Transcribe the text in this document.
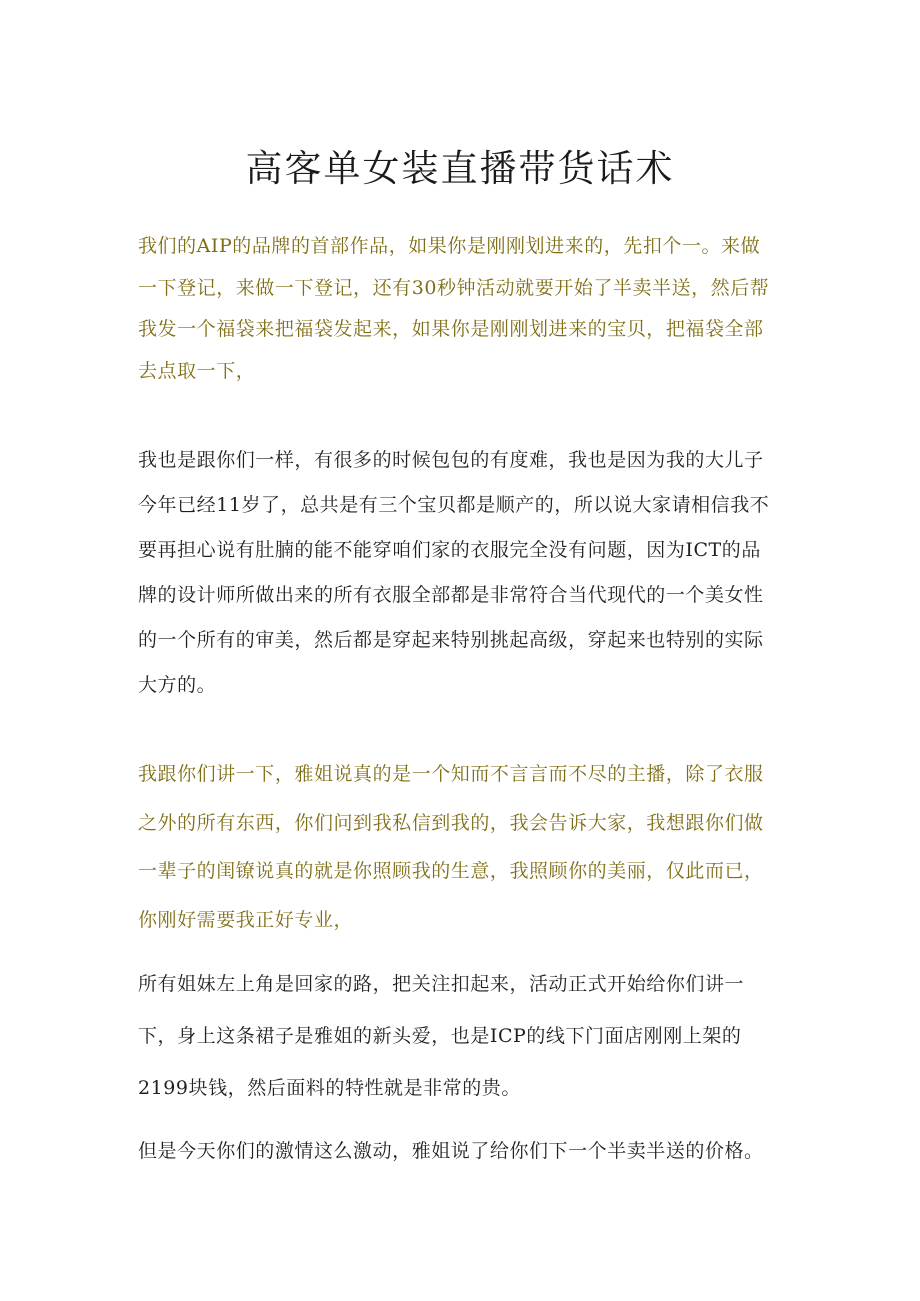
高客单女装直播带货话术

我们的AIP的品牌的首部作品，如果你是刚刚划进来的，先扣个一。来做
一下登记，来做一下登记，还有30秒钟活动就要开始了半卖半送，然后帮
我发一个福袋来把福袋发起来，如果你是刚刚划进来的宝贝，把福袋全部
去点取一下，

我也是跟你们一样，有很多的时候包包的有度难，我也是因为我的大儿子
今年已经11岁了，总共是有三个宝贝都是顺产的，所以说大家请相信我不
要再担心说有肚腩的能不能穿咱们家的衣服完全没有问题，因为ICT的品
牌的设计师所做出来的所有衣服全部都是非常符合当代现代的一个美女性
的一个所有的审美，然后都是穿起来特别挑起高级，穿起来也特别的实际
大方的。

我跟你们讲一下，雅姐说真的是一个知而不言言而不尽的主播，除了衣服
之外的所有东西，你们问到我私信到我的，我会告诉大家，我想跟你们做
一辈子的闺镣说真的就是你照顾我的生意，我照顾你的美丽，仅此而已，
你刚好需要我正好专业，

所有姐妹左上角是回家的路，把关注扣起来，活动正式开始给你们讲一
下，身上这条裙子是雅姐的新头爱，也是ICP的线下门面店刚刚上架的
2199块钱，然后面料的特性就是非常的贵。

但是今天你们的激情这么激动，雅姐说了给你们下一个半卖半送的价格。
